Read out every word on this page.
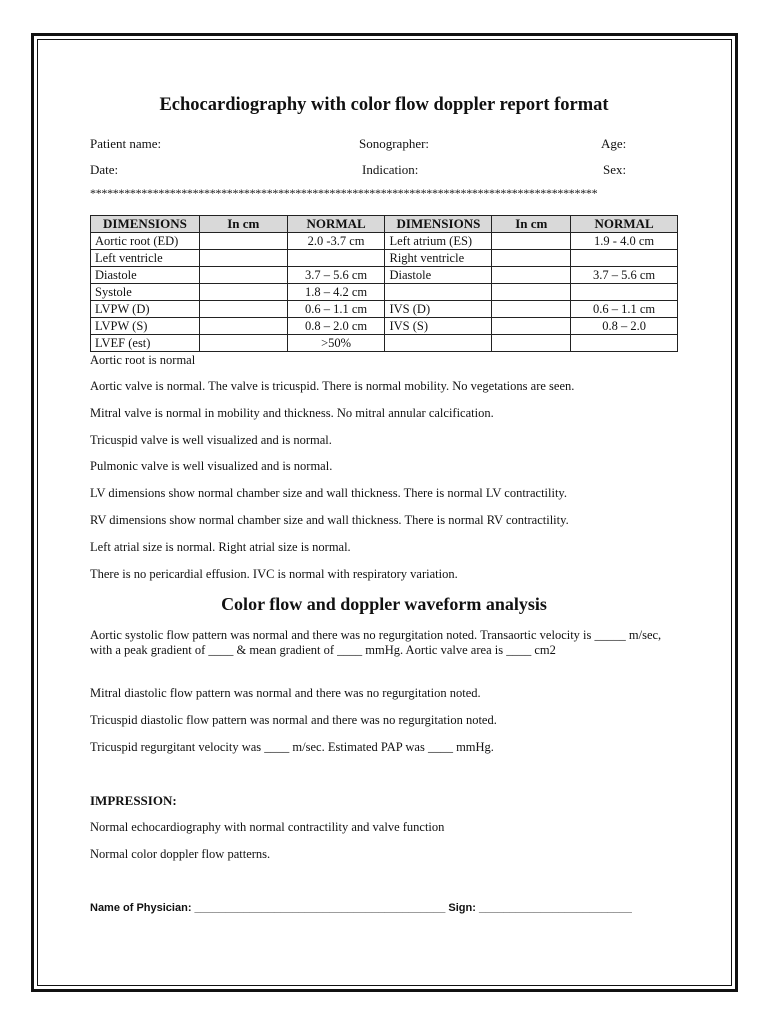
Echocardiography with color flow doppler report format
Patient name:	Sonographer:	Age:
Date:	Indication:	Sex:
*****************************************************************************************
DIMENSIONS	In cm	NORMAL	DIMENSIONS	In cm	NORMAL
Aortic root (ED)		2.0 -3.7 cm	Left atrium (ES)		1.9 - 4.0 cm
Left ventricle			Right ventricle		
Diastole		3.7 – 5.6 cm	Diastole		3.7 – 5.6 cm
Systole		1.8 – 4.2 cm			
LVPW (D)		0.6 – 1.1 cm	IVS (D)		0.6 – 1.1 cm
LVPW (S)		0.8 – 2.0 cm	IVS (S)		0.8 – 2.0
LVEF (est)		>50%			
Aortic root is normal
Aortic valve is normal. The valve is tricuspid. There is normal mobility. No vegetations are seen.
Mitral valve is normal in mobility and thickness. No mitral annular calcification.
Tricuspid valve is well visualized and is normal.
Pulmonic valve is well visualized and is normal.
LV dimensions show normal chamber size and wall thickness. There is normal LV contractility.
RV dimensions show normal chamber size and wall thickness. There is normal RV contractility.
Left atrial size is normal. Right atrial size is normal.
There is no pericardial effusion. IVC is normal with respiratory variation.
Color flow and doppler waveform analysis
Aortic systolic flow pattern was normal and there was no regurgitation noted. Transaortic velocity is _____ m/sec, with a peak gradient of ____ & mean gradient of ____ mmHg. Aortic valve area is ____ cm2
Mitral diastolic flow pattern was normal and there was no regurgitation noted.
Tricuspid diastolic flow pattern was normal and there was no regurgitation noted.
Tricuspid regurgitant velocity was ____ m/sec. Estimated PAP was ____ mmHg.
IMPRESSION:
Normal echocardiography with normal contractility and valve function
Normal color doppler flow patterns.
Name of Physician: _________________________________________ Sign: _________________________
